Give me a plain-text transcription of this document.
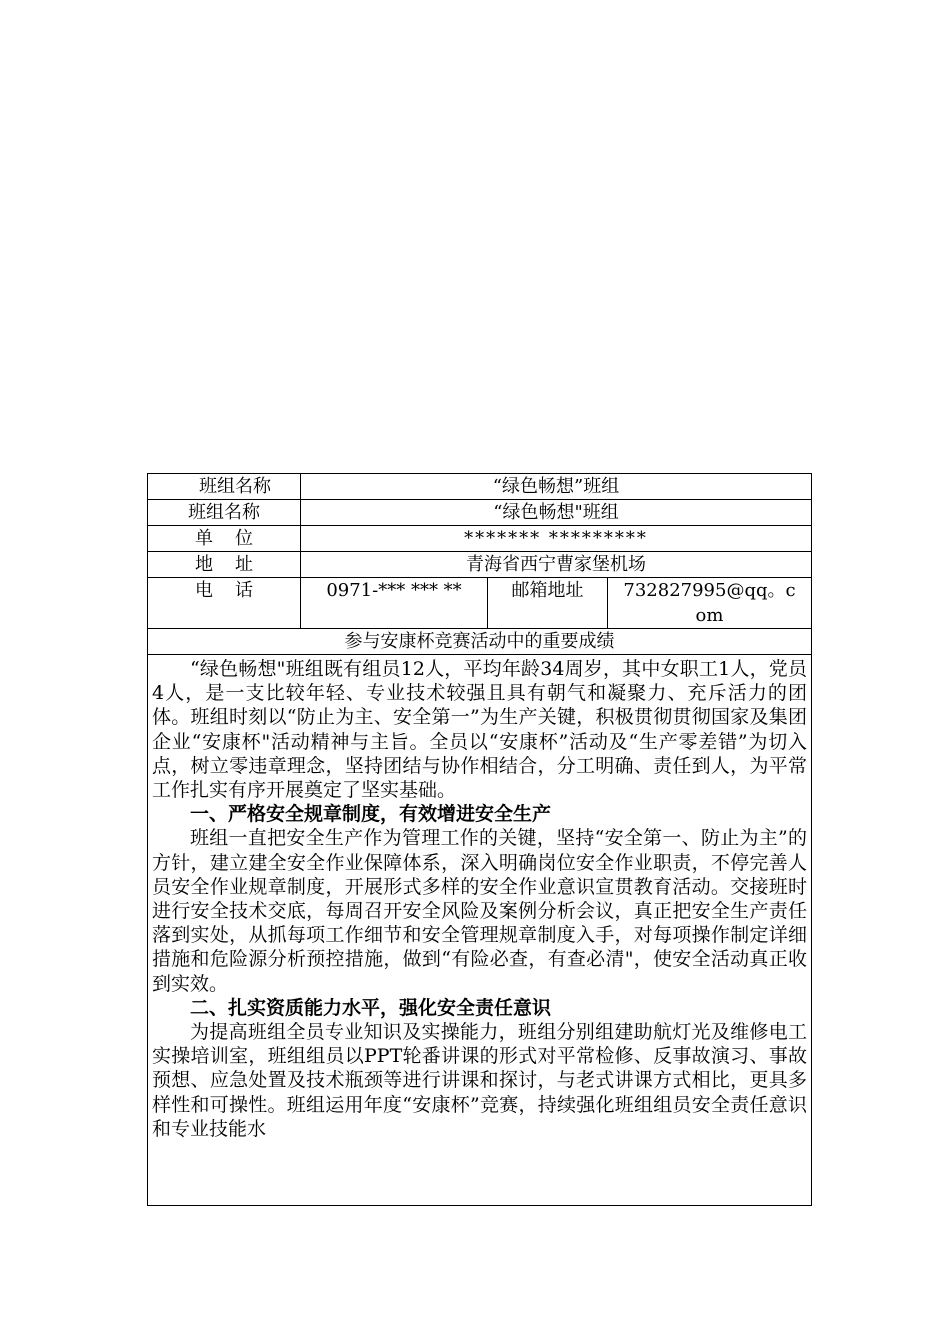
班组名称	“绿色畅想”班组		
班组名称	“绿色畅想"班组		
单位	******* *********		
地址	青海省西宁曹家堡机场		
电话	0971-*** *** **	邮箱地址	732827995@qq。com
参与安康杯竞赛活动中的重要成绩			

“绿色畅想"班组既有组员12人，平均年龄34周岁，其中女职工1人，党员4人，是一支比较年轻、专业技术较强且具有朝气和凝聚力、充斥活力的团体。班组时刻以“防止为主、安全第一”为生产关键，积极贯彻贯彻国家及集团企业“安康杯"活动精神与主旨。全员以“安康杯”活动及“生产零差错”为切入点，树立零违章理念，坚持团结与协作相结合，分工明确、责任到人，为平常工作扎实有序开展奠定了坚实基础。

一、严格安全规章制度，有效增进安全生产

班组一直把安全生产作为管理工作的关键，坚持“安全第一、防止为主”的方针，建立建全安全作业保障体系，深入明确岗位安全作业职责，不停完善人员安全作业规章制度，开展形式多样的安全作业意识宣贯教育活动。交接班时进行安全技术交底，每周召开安全风险及案例分析会议，真正把安全生产责任落到实处，从抓每项工作细节和安全管理规章制度入手，对每项操作制定详细措施和危险源分析预控措施，做到“有险必查，有查必清"，使安全活动真正收到实效。

二、扎实资质能力水平，强化安全责任意识

为提高班组全员专业知识及实操能力，班组分别组建助航灯光及维修电工实操培训室，班组组员以PPT轮番讲课的形式对平常检修、反事故演习、事故预想、应急处置及技术瓶颈等进行讲课和探讨，与老式讲课方式相比，更具多样性和可操性。班组运用年度“安康杯”竞赛，持续强化班组组员安全责任意识和专业技能水			
